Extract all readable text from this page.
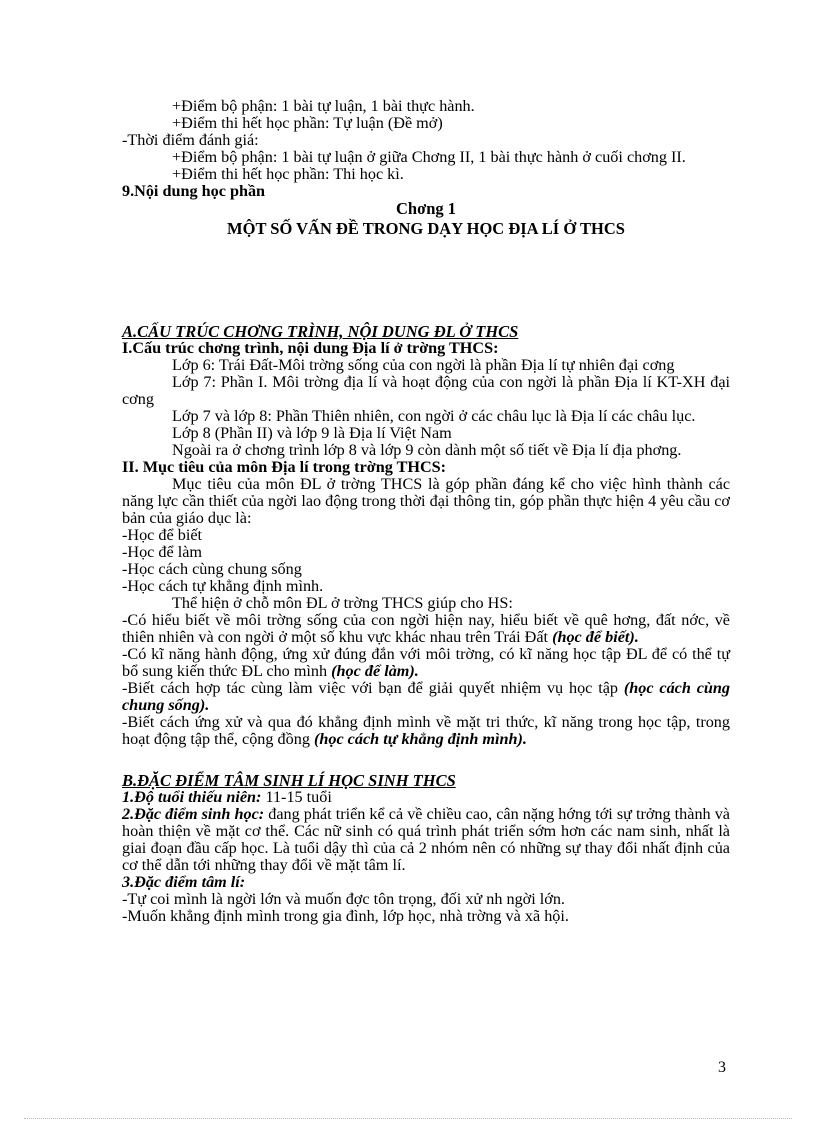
+Điểm bộ phận: 1 bài tự luận, 1 bài thực hành.

+Điểm thi hết học phần: Tự luận (Đề mở)

-Thời điểm đánh giá:

+Điểm bộ phận: 1 bài tự luận ở giữa Chơng II, 1 bài thực hành ở cuối chơng II.

+Điểm thi hết học phần: Thi học kì.

9.Nội dung học phần

Chơng 1

MỘT SỐ VẤN ĐỀ TRONG DẠY HỌC ĐỊA LÍ Ở THCS

A.CẤU TRÚC CHƠNG TRÌNH, NỘI DUNG ĐL Ở THCS

I.Cấu trúc chơng trình, nội dung Địa lí ở trờng THCS:

Lớp 6: Trái Đất-Môi trờng sống của con ngời là phần Địa lí tự nhiên đại cơng

Lớp 7: Phần I. Môi trờng địa lí và hoạt động của con ngời là phần Địa lí KT-XH đại cơng

Lớp 7 và lớp 8: Phần Thiên nhiên, con ngời ở các châu lục là Địa lí các châu lục.

Lớp 8 (Phần II) và lớp 9 là Địa lí Việt Nam

Ngoài ra ở chơng trình lớp 8 và lớp 9 còn dành một số tiết về Địa lí địa phơng.

II. Mục tiêu của môn Địa lí trong trờng THCS:

Mục tiêu của môn ĐL ở trờng THCS là góp phần đáng kể cho việc hình thành các năng lực cần thiết của ngời lao động trong thời đại thông tin, góp phần thực hiện 4 yêu cầu cơ bản của giáo dục là:

-Học để biết

-Học để làm

-Học cách cùng chung sống

-Học cách tự khẳng định mình.

Thể hiện ở chỗ môn ĐL ở trờng THCS giúp cho HS:

-Có hiểu biết về môi trờng sống của con ngời hiện nay, hiểu biết về quê hơng, đất nớc, về thiên nhiên và con ngời ở một số khu vực khác nhau trên Trái Đất (học để biết).

-Có kĩ năng hành động, ứng xử đúng đắn với môi trờng, có kĩ năng học tập ĐL để có thể tự bổ sung kiến thức ĐL cho mình (học để làm).

-Biết cách hợp tác cùng làm việc với bạn để giải quyết nhiệm vụ học tập (học cách cùng chung sống).

-Biết cách ứng xử và qua đó khẳng định mình về mặt tri thức, kĩ năng trong học tập, trong hoạt động tập thể, cộng đồng (học cách tự khẳng định mình).

B.ĐẶC ĐIỂM TÂM SINH LÍ HỌC SINH THCS

1.Độ tuổi thiếu niên: 11-15 tuổi

2.Đặc điểm sinh học: đang phát triển kể cả về chiều cao, cân nặng hớng tới sự trởng thành và hoàn thiện về mặt cơ thể. Các nữ sinh có quá trình phát triển sớm hơn các nam sinh, nhất là giai đoạn đầu cấp học. Là tuổi dậy thì của cả 2 nhóm nên có những sự thay đổi nhất định của cơ thể dẫn tới những thay đổi về mặt tâm lí.

3.Đặc điểm tâm lí:

-Tự coi mình là ngời lớn và muốn đợc tôn trọng, đối xử nh ngời lớn.

-Muốn khẳng định mình trong gia đình, lớp học, nhà trờng và xã hội.

3
